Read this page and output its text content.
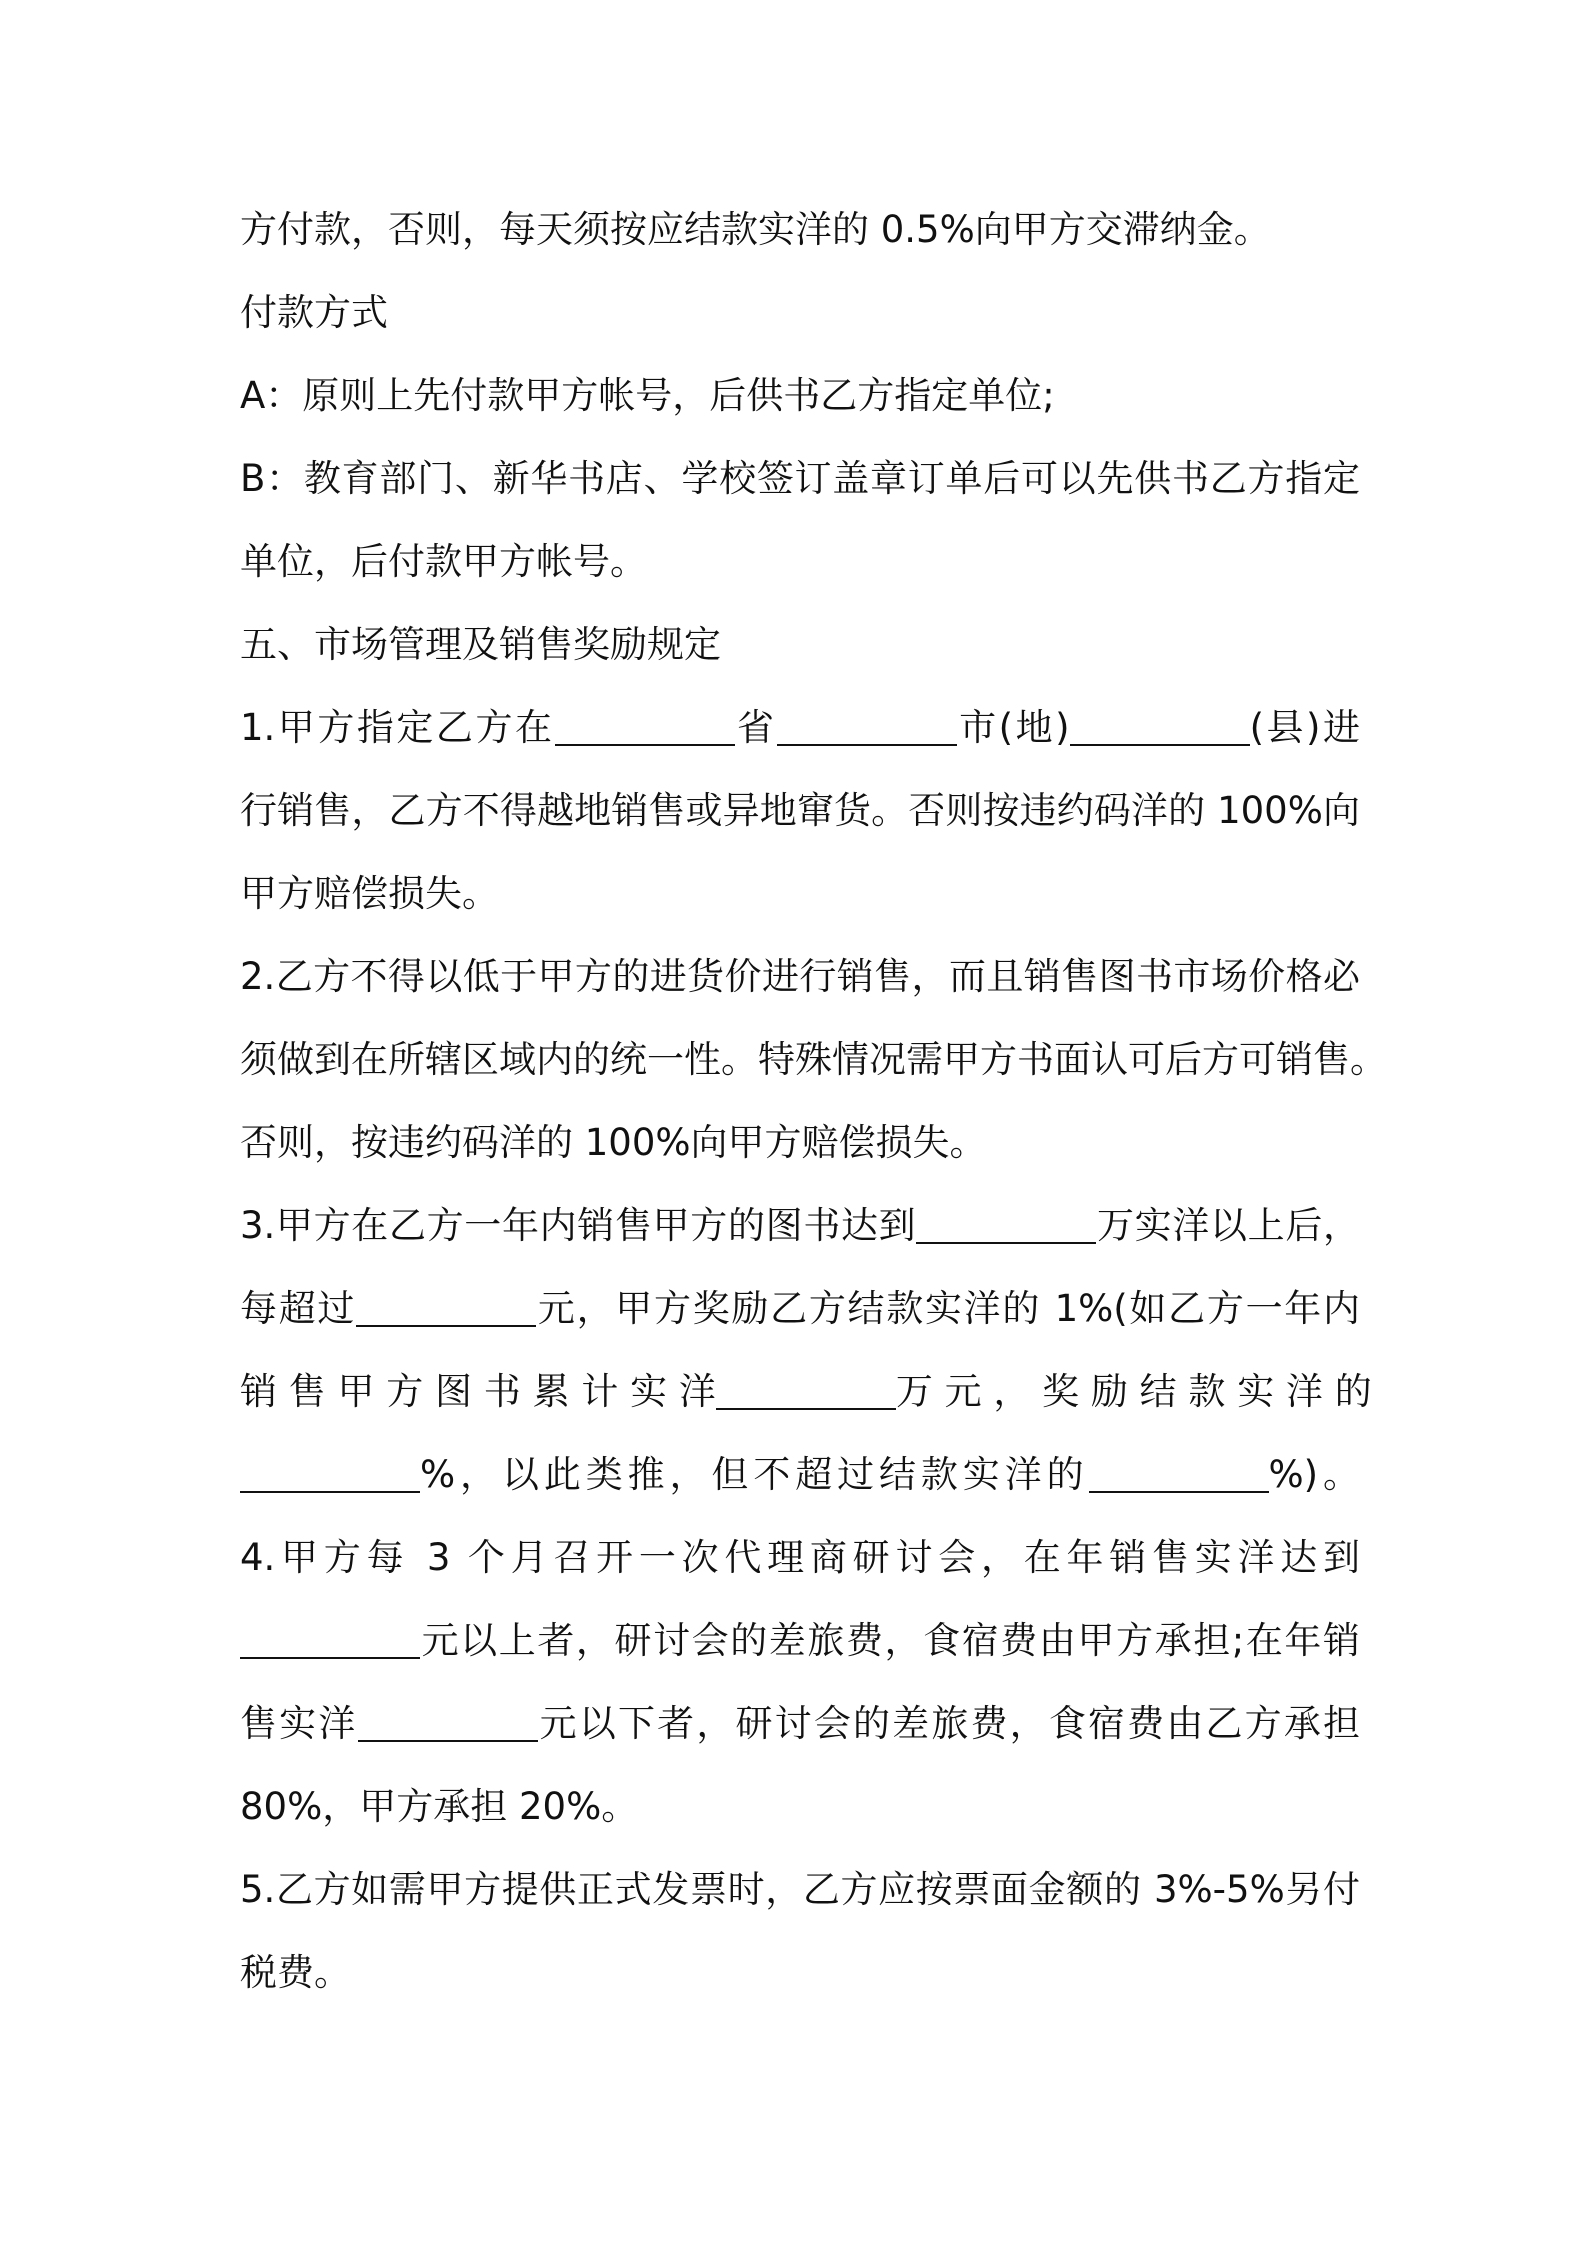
方付款，否则，每天须按应结款实洋的 0.5%向甲方交滞纳金。
付款方式
A：原则上先付款甲方帐号，后供书乙方指定单位;
B：教育部门、新华书店、学校签订盖章订单后可以先供书乙方指定
单位，后付款甲方帐号。
五、市场管理及销售奖励规定
1.甲方指定乙方在	省	市(地)	(县)进
行销售，乙方不得越地销售或异地窜货。否则按违约码洋的 100%向
甲方赔偿损失。
2.乙方不得以低于甲方的进货价进行销售，而且销售图书市场价格必
须做到在所辖区域内的统一性。特殊情况需甲方书面认可后方可销售。
否则，按违约码洋的 100%向甲方赔偿损失。
3.甲方在乙方一年内销售甲方的图书达到	万实洋以上后，
每超过	元，甲方奖励乙方结款实洋的 1%(如乙方一年内
销 售 甲 方 图 书 累 计 实 洋	万 元 ， 奖 励 结 款 实 洋 的
%，以此类推，但不超过结款实洋的	%)。
4.甲方每 3 个月召开一次代理商研讨会，在年销售实洋达到
元以上者，研讨会的差旅费，食宿费由甲方承担;在年销
售实洋	元以下者，研讨会的差旅费，食宿费由乙方承担
80%，甲方承担 20%。
5.乙方如需甲方提供正式发票时，乙方应按票面金额的 3%-5%另付
税费。
